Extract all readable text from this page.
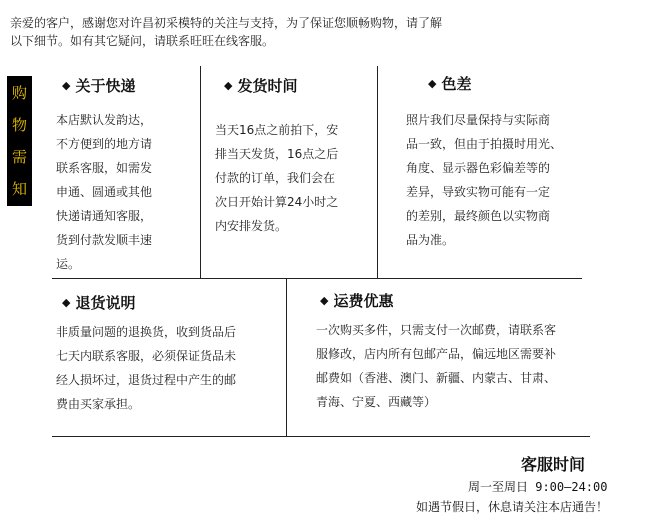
亲爱的客户，感谢您对许昌初采模特的关注与支持，为了保证您顺畅购物，请了解
以下细节。如有其它疑问，请联系旺旺在线客服。
购
物
需
知
◆ 关于快递
本店默认发韵达，
不方便到的地方请
联系客服，如需发
申通、圆通或其他
快递请通知客服，
货到付款发顺丰速
运。
◆ 发货时间
当天16点之前拍下，安
排当天发货，16点之后
付款的订单，我们会在
次日开始计算24小时之
内安排发货。
◆ 色差
照片我们尽量保持与实际商
品一致，但由于拍摄时用光、
角度、显示器色彩偏差等的
差异，导致实物可能有一定
的差别，最终颜色以实物商
品为准。
◆ 退货说明
非质量问题的退换货，收到货品后
七天内联系客服，必须保证货品未
经人损坏过，退货过程中产生的邮
费由买家承担。
◆ 运费优惠
一次购买多件，只需支付一次邮费，请联系客
服修改，店内所有包邮产品，偏远地区需要补
邮费如（香港、澳门、新疆、内蒙古、甘肃、
青海、宁夏、西藏等）
客服时间
周一至周日 9:00—24:00
如遇节假日，休息请关注本店通告！
